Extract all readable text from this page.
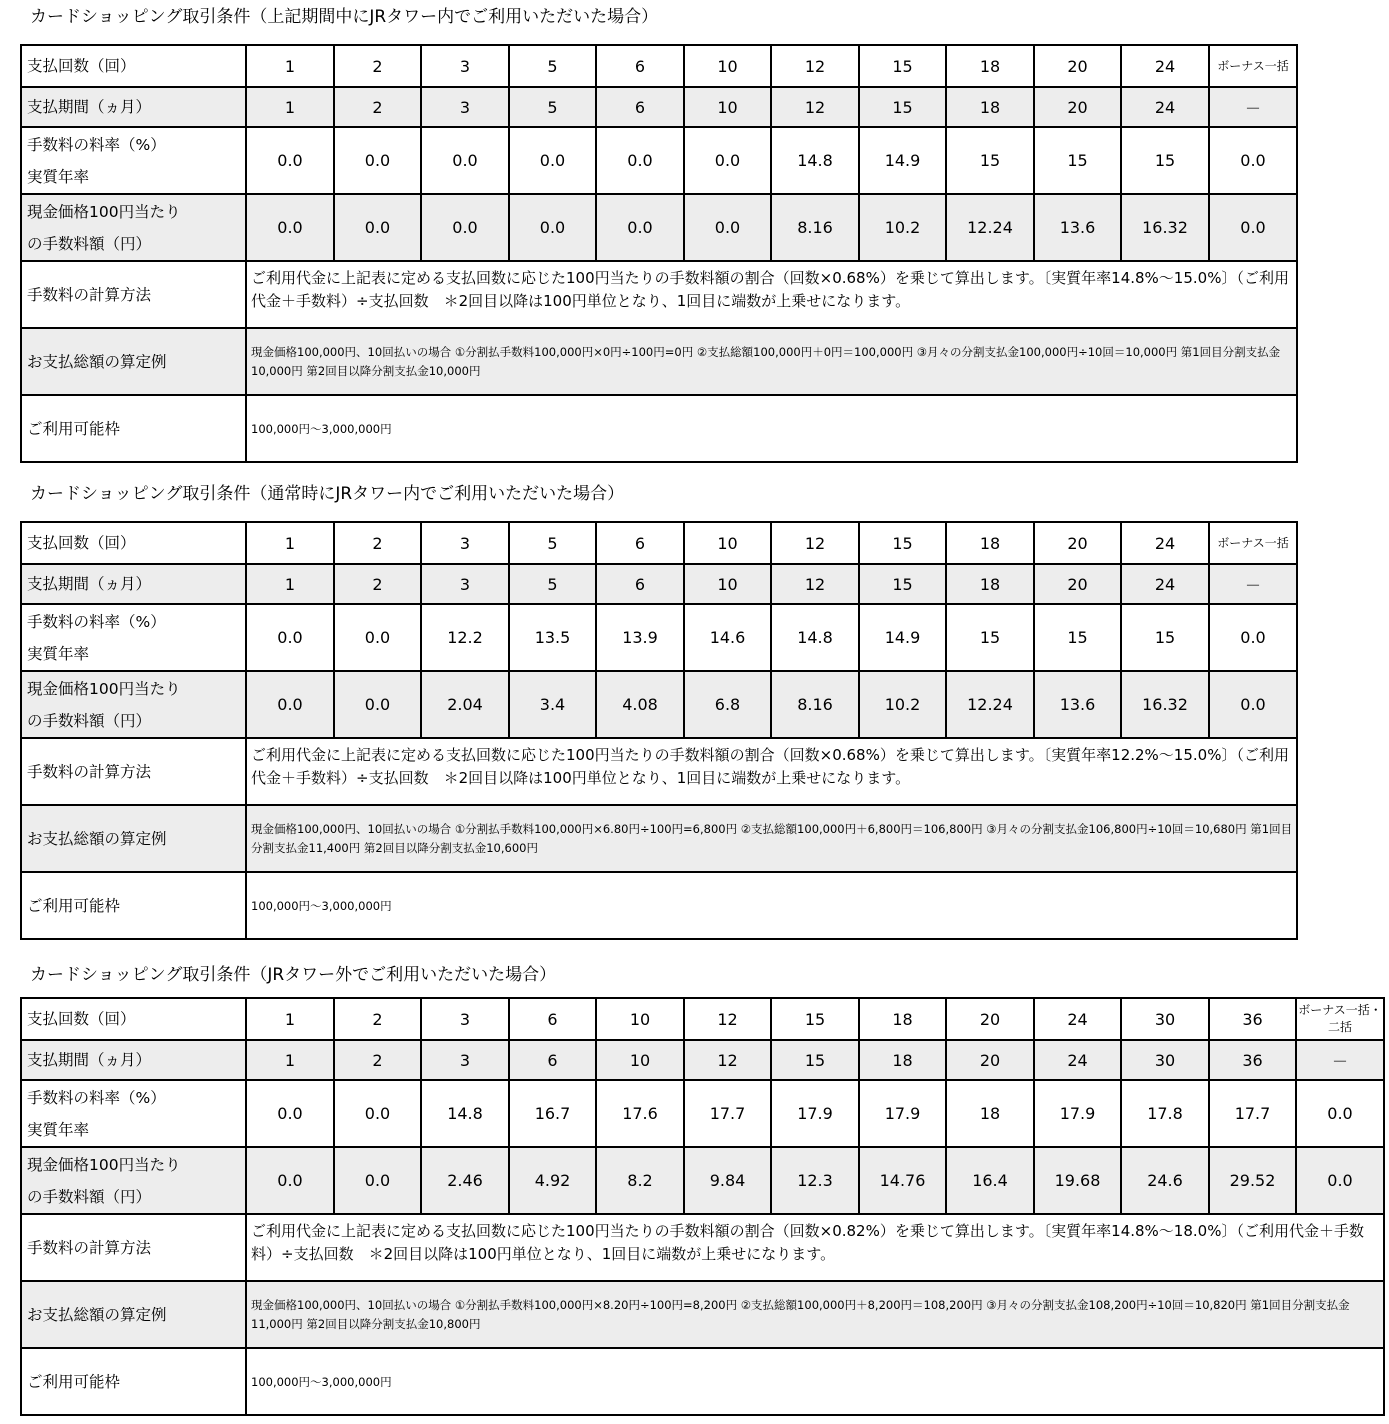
カードショッピング取引条件（上記期間中にJRタワー内でご利用いただいた場合）
支払回数（回）	1	2	3	5	6	10	12	15	18	20	24	ボーナス一括
支払期間（ヵ月）	1	2	3	5	6	10	12	15	18	20	24	－

手数料の料率（%）
実質年率	0.0	0.0	0.0	0.0	0.0	0.0	14.8	14.9	15	15	15	0.0

現金価格100円当たり
の手数料額（円）	0.0	0.0	0.0	0.0	0.0	0.0	8.16	10.2	12.24	13.6	16.32	0.0
手数料の計算方法	ご利用代金に上記表に定める支払回数に応じた100円当たりの手数料額の割合（回数×0.68%）を乗じて算出します。〔実質年率14.8%～15.0%〕（ご利用代金＋手数料）÷支払回数　＊2回目以降は100円単位となり、1回目に端数が上乗せになります。											

お支払総額の算定例	現金価格100,000円、10回払いの場合 ①分割払手数料100,000円×0円÷100円=0円 ②支払総額100,000円＋0円＝100,000円 ③月々の分割支払金100,000円÷10回＝10,000円 第1回目分割支払金10,000円 第2回目以降分割支払金10,000円											
ご利用可能枠	100,000円～3,000,000円											
カードショッピング取引条件（通常時にJRタワー内でご利用いただいた場合）
支払回数（回）	1	2	3	5	6	10	12	15	18	20	24	ボーナス一括
支払期間（ヵ月）	1	2	3	5	6	10	12	15	18	20	24	－

手数料の料率（%）
実質年率	0.0	0.0	12.2	13.5	13.9	14.6	14.8	14.9	15	15	15	0.0

現金価格100円当たり
の手数料額（円）	0.0	0.0	2.04	3.4	4.08	6.8	8.16	10.2	12.24	13.6	16.32	0.0
手数料の計算方法	ご利用代金に上記表に定める支払回数に応じた100円当たりの手数料額の割合（回数×0.68%）を乗じて算出します。〔実質年率12.2%～15.0%〕（ご利用代金＋手数料）÷支払回数　＊2回目以降は100円単位となり、1回目に端数が上乗せになります。											

お支払総額の算定例	現金価格100,000円、10回払いの場合 ①分割払手数料100,000円×6.80円÷100円=6,800円 ②支払総額100,000円＋6,800円＝106,800円 ③月々の分割支払金106,800円÷10回＝10,680円 第1回目分割支払金11,400円 第2回目以降分割支払金10,600円											
ご利用可能枠	100,000円～3,000,000円											
カードショッピング取引条件（JRタワー外でご利用いただいた場合）
支払回数（回）	1	2	3	6	10	12	15	18	20	24	30	36	ボーナス一括・二括
支払期間（ヵ月）	1	2	3	6	10	12	15	18	20	24	30	36	－

手数料の料率（%）
実質年率	0.0	0.0	14.8	16.7	17.6	17.7	17.9	17.9	18	17.9	17.8	17.7	0.0

現金価格100円当たり
の手数料額（円）	0.0	0.0	2.46	4.92	8.2	9.84	12.3	14.76	16.4	19.68	24.6	29.52	0.0
手数料の計算方法	ご利用代金に上記表に定める支払回数に応じた100円当たりの手数料額の割合（回数×0.82%）を乗じて算出します。〔実質年率14.8%～18.0%〕（ご利用代金＋手数料）÷支払回数　＊2回目以降は100円単位となり、1回目に端数が上乗せになります。												

お支払総額の算定例	現金価格100,000円、10回払いの場合 ①分割払手数料100,000円×8.20円÷100円=8,200円 ②支払総額100,000円＋8,200円＝108,200円 ③月々の分割支払金108,200円÷10回＝10,820円 第1回目分割支払金11,000円 第2回目以降分割支払金10,800円												
ご利用可能枠	100,000円～3,000,000円												
